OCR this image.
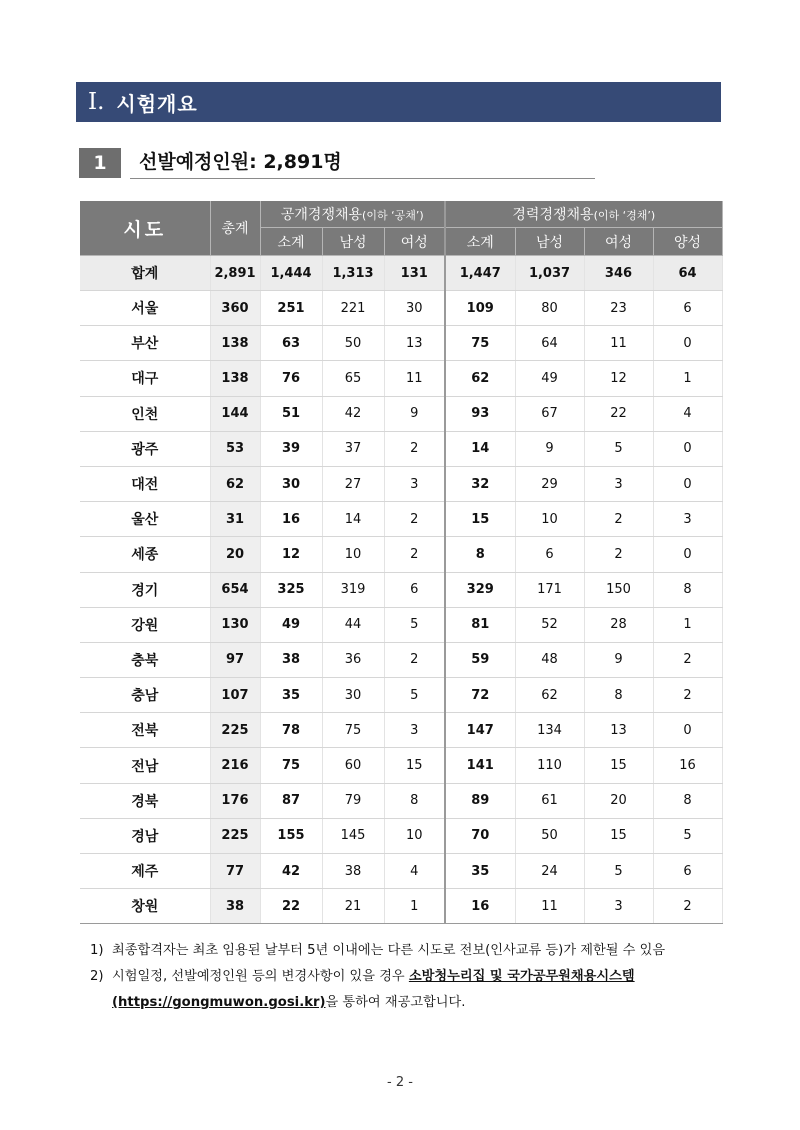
Ⅰ. 시험개요
1	선발예정인원: 2,891명
시도	총계	공개경쟁채용(이하 ‘공채’)			경력경쟁채용(이하 ‘경채’)			
		소계	남성	여성	소계	남성	여성	양성
합계	2,891	1,444	1,313	131	1,447	1,037	346	64
서울	360	251	221	30	109	80	23	6
부산	138	63	50	13	75	64	11	0
대구	138	76	65	11	62	49	12	1
인천	144	51	42	9	93	67	22	4
광주	53	39	37	2	14	9	5	0
대전	62	30	27	3	32	29	3	0
울산	31	16	14	2	15	10	2	3
세종	20	12	10	2	8	6	2	0
경기	654	325	319	6	329	171	150	8
강원	130	49	44	5	81	52	28	1
충북	97	38	36	2	59	48	9	2
충남	107	35	30	5	72	62	8	2
전북	225	78	75	3	147	134	13	0
전남	216	75	60	15	141	110	15	16
경북	176	87	79	8	89	61	20	8
경남	225	155	145	10	70	50	15	5
제주	77	42	38	4	35	24	5	6
창원	38	22	21	1	16	11	3	2
1) 최종합격자는 최초 임용된 날부터 5년 이내에는 다른 시도로 전보(인사교류 등)가 제한될 수 있음
2) 시험일정, 선발예정인원 등의 변경사항이 있을 경우 소방청누리집 및 국가공무원채용시스템
(https://gongmuwon.gosi.kr)을 통하여 재공고합니다.
- 2 -
